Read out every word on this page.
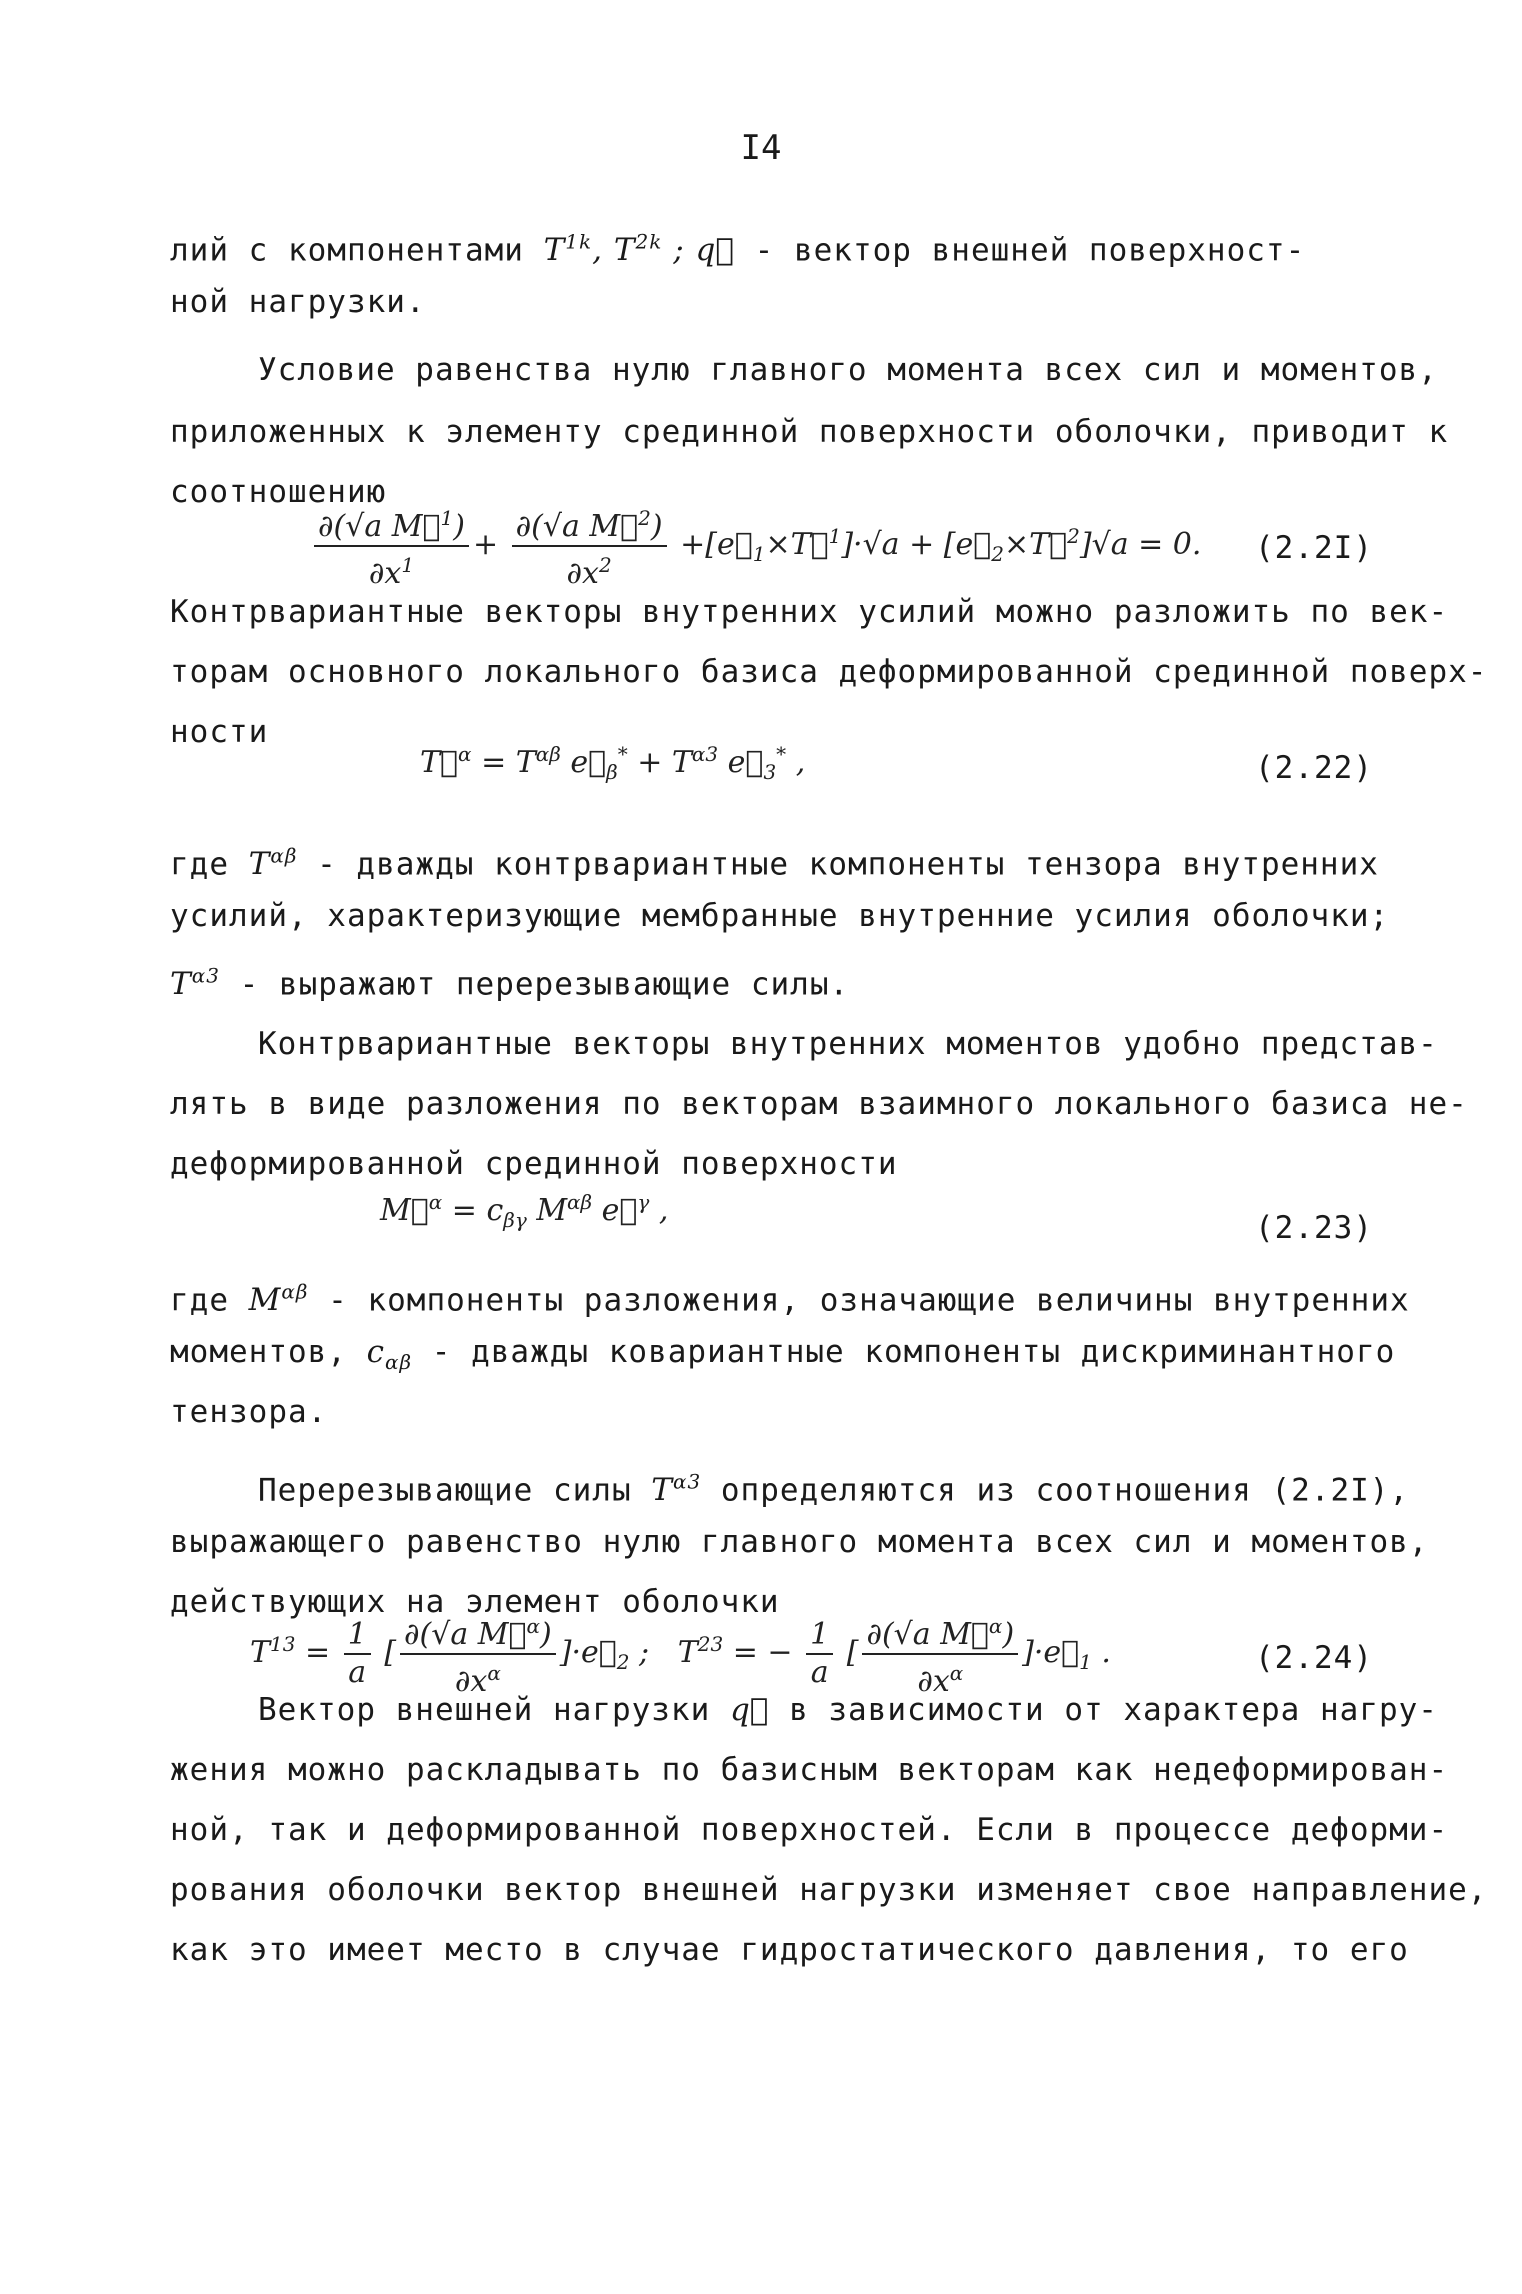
I4
лий с компонентами $T^{1k}$, $T^{2k}$ ; q⃗ - вектор внешней поверхност-
ной нагрузки.
Условие равенства нулю главного момента всех сил и моментов,
приложенных к элементу срединной поверхности оболочки, приводит к
соотношению
$\frac{\partial(√a M⃗^1)}{\partial x^1} + \frac{\partial(√a M⃗^2)}{\partial x^2}$ $+[e⃗_1\times T⃗^1]\cdot√a$ + $[e⃗_2\times T⃗^2]√a = 0$. (2.2I)
Контрвариантные векторы внутренних усилий можно разложить по век-
торам основного локального базиса деформированной срединной поверх-
ности
T⃗$^\alpha$ = $T^{\alpha\beta}$ $e⃗_\beta^* + T^{\alpha 3}$ $e⃗_3^*$ ,	(2.22)
где $T^{\alpha\beta}$ - дважды контрвариантные компоненты тензора внутренних
усилий, характеризующие мембранные внутренние усилия оболочки;
$T^{\alpha 3}$ - выражают перерезывающие силы.
Контрвариантные векторы внутренних моментов удобно представ-
лять в виде разложения по векторам взаимного локального базиса не-
деформированной срединной поверхности
M⃗$^\alpha$ = $c_{\beta\gamma}$ $M^{\alpha\beta}$ e⃗$^\gamma$ ,	(2.23)
где $M^{\alpha\beta}$ - компоненты разложения, означающие величины внутренних
моментов, $c_{\alpha\beta}$ - дважды ковариантные компоненты дискриминантного
тензора.
Перерезывающие силы $T^{\alpha 3}$ определяются из соотношения (2.2I),
выражающего равенство нулю главного момента всех сил и моментов,
действующих на элемент оболочки
$T^{13} = \frac{1}{a}$ [ $\frac{\partial(√a M⃗^\alpha)}{\partial x^\alpha}$ ]$\cdot e⃗_2$ ;   $T^{23}$ = − $\frac{1}{a}$ [ $\frac{\partial(√a M⃗^\alpha)}{\partial x^\alpha}$ ]$\cdot e⃗_1$ .	(2.24)
Вектор внешней нагрузки q⃗ в зависимости от характера нагру-
жения можно раскладывать по базисным векторам как недеформирован-
ной, так и деформированной поверхностей. Если в процессе деформи-
рования оболочки вектор внешней нагрузки изменяет свое направление,
как это имеет место в случае гидростатического давления, то его
